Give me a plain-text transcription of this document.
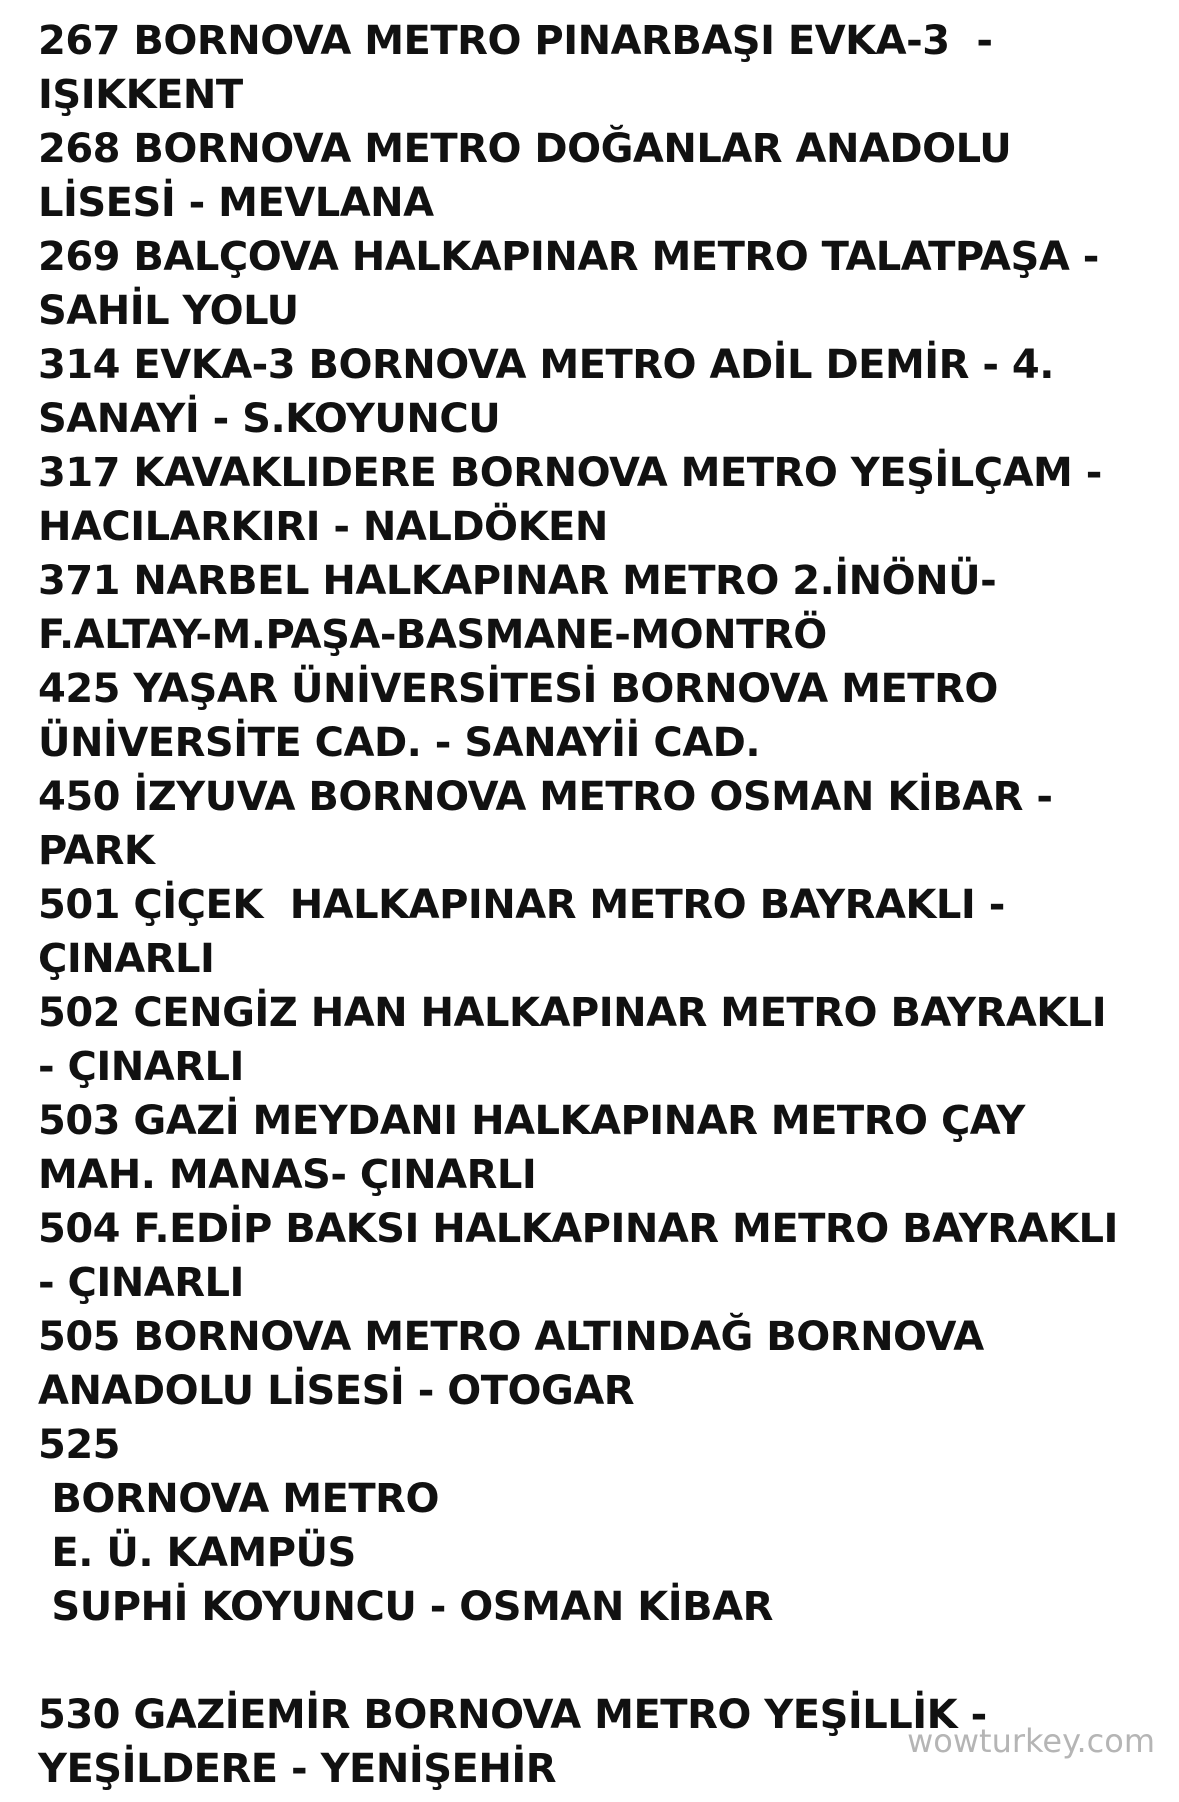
267 BORNOVA METRO PINARBAŞI EVKA-3  -
IŞIKKENT
268 BORNOVA METRO DOĞANLAR ANADOLU
LİSESİ - MEVLANA
269 BALÇOVA HALKAPINAR METRO TALATPAŞA -
SAHİL YOLU
314 EVKA-3 BORNOVA METRO ADİL DEMİR - 4.
SANAYİ - S.KOYUNCU
317 KAVAKLIDERE BORNOVA METRO YEŞİLÇAM -
HACILARKIRI - NALDÖKEN
371 NARBEL HALKAPINAR METRO 2.İNÖNÜ-
F.ALTAY-M.PAŞA-BASMANE-MONTRÖ
425 YAŞAR ÜNİVERSİTESİ BORNOVA METRO
ÜNİVERSİTE CAD. - SANAYİİ CAD.
450 İZYUVA BORNOVA METRO OSMAN KİBAR -
PARK
501 ÇİÇEK  HALKAPINAR METRO BAYRAKLI -
ÇINARLI
502 CENGİZ HAN HALKAPINAR METRO BAYRAKLI
- ÇINARLI
503 GAZİ MEYDANI HALKAPINAR METRO ÇAY
MAH. MANAS- ÇINARLI
504 F.EDİP BAKSI HALKAPINAR METRO BAYRAKLI
- ÇINARLI
505 BORNOVA METRO ALTINDAĞ BORNOVA
ANADOLU LİSESİ - OTOGAR
525
BORNOVA METRO
E. Ü. KAMPÜS
SUPHİ KOYUNCU - OSMAN KİBAR
530 GAZİEMİR BORNOVA METRO YEŞİLLİK -
YEŞİLDERE - YENİŞEHİR
wowturkey.com
